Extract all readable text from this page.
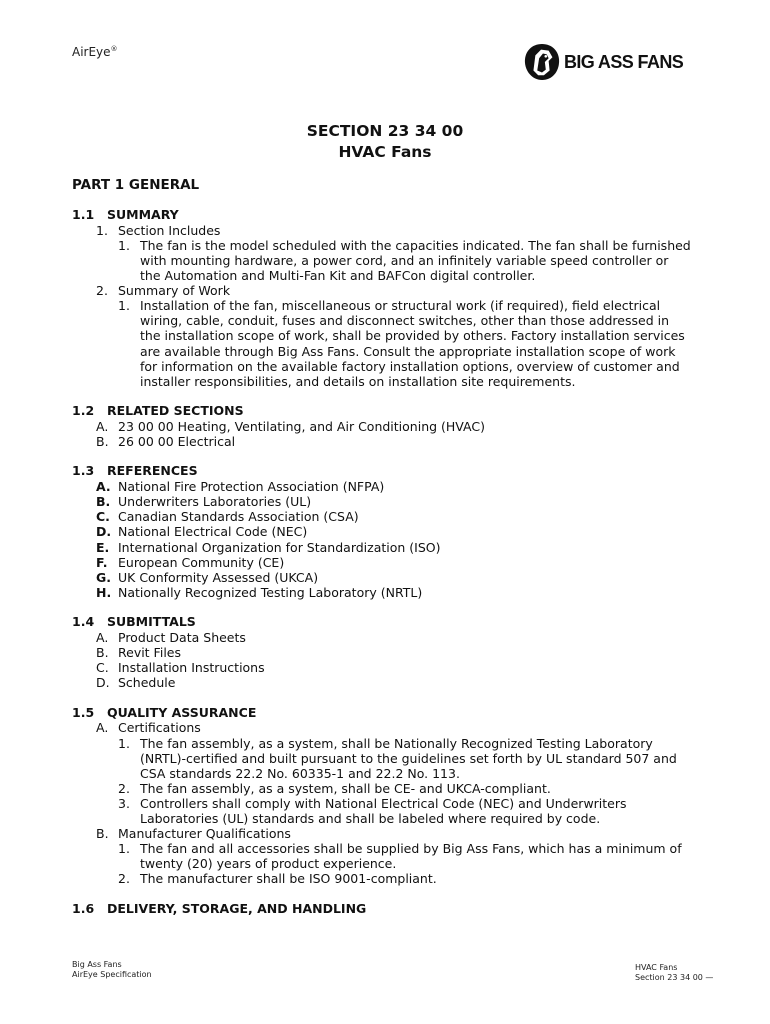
AirEye®
BIG ASS FANS
SECTION 23 34 00
HVAC Fans
PART 1 GENERAL
1.1 SUMMARY
1. Section Includes
1. The fan is the model scheduled with the capacities indicated. The fan shall be furnished
with mounting hardware, a power cord, and an infinitely variable speed controller or
the Automation and Multi-Fan Kit and BAFCon digital controller.
2. Summary of Work
1. Installation of the fan, miscellaneous or structural work (if required), field electrical
wiring, cable, conduit, fuses and disconnect switches, other than those addressed in
the installation scope of work, shall be provided by others. Factory installation services
are available through Big Ass Fans. Consult the appropriate installation scope of work
for information on the available factory installation options, overview of customer and
installer responsibilities, and details on installation site requirements.
1.2 RELATED SECTIONS
A. 23 00 00 Heating, Ventilating, and Air Conditioning (HVAC)
B. 26 00 00 Electrical
1.3 REFERENCES
A. National Fire Protection Association (NFPA)
B. Underwriters Laboratories (UL)
C. Canadian Standards Association (CSA)
D. National Electrical Code (NEC)
E. International Organization for Standardization (ISO)
F. European Community (CE)
G. UK Conformity Assessed (UKCA)
H. Nationally Recognized Testing Laboratory (NRTL)
1.4 SUBMITTALS
A. Product Data Sheets
B. Revit Files
C. Installation Instructions
D. Schedule
1.5 QUALITY ASSURANCE
A. Certifications
1. The fan assembly, as a system, shall be Nationally Recognized Testing Laboratory
(NRTL)-certified and built pursuant to the guidelines set forth by UL standard 507 and
CSA standards 22.2 No. 60335-1 and 22.2 No. 113.
2. The fan assembly, as a system, shall be CE- and UKCA-compliant.
3. Controllers shall comply with National Electrical Code (NEC) and Underwriters
Laboratories (UL) standards and shall be labeled where required by code.
B. Manufacturer Qualifications
1. The fan and all accessories shall be supplied by Big Ass Fans, which has a minimum of
twenty (20) years of product experience.
2. The manufacturer shall be ISO 9001-compliant.
1.6 DELIVERY, STORAGE, AND HANDLING
Big Ass Fans
AirEye Specification
HVAC Fans
Section 23 34 00 —
